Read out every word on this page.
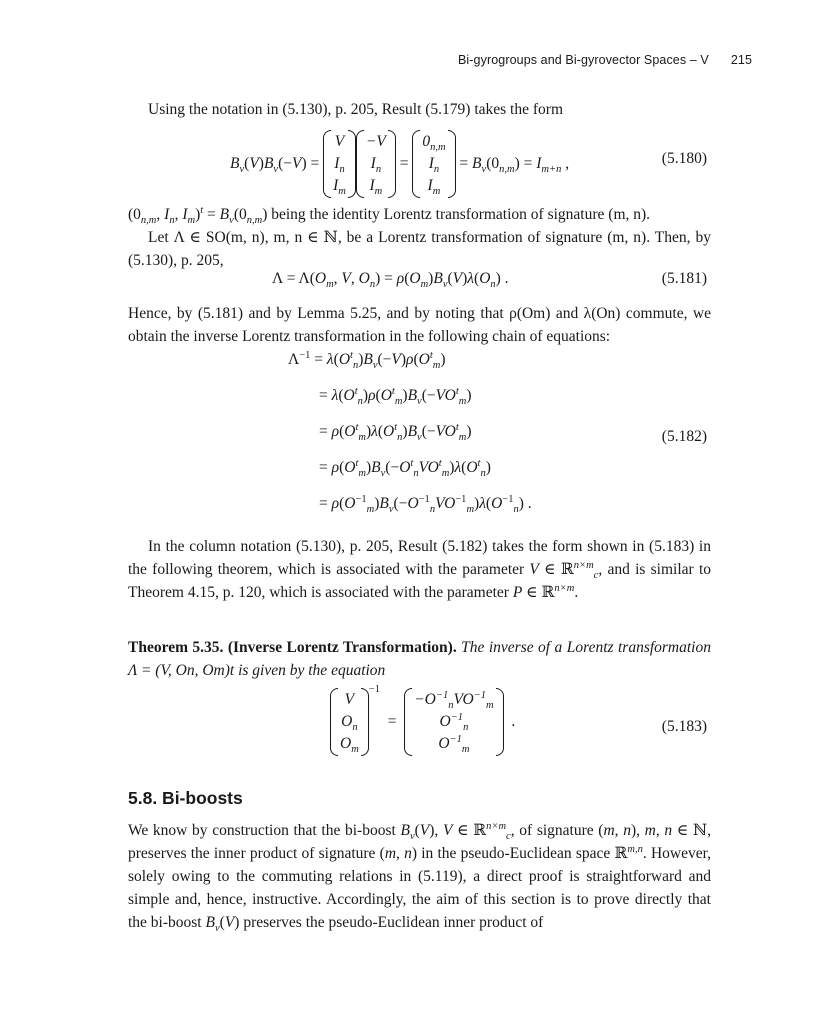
Bi-gyrogroups and Bi-gyrovector Spaces – V 215

Using the notation in (5.130), p. 205, Result (5.179) takes the form

$B_v(V)B_v(-V)$ =
V
$I_n$
$I_m$
−V
$I_n$
$I_m$
=
$0_{n,m}$
$I_n$
$I_m$
= $B_v(0_{n,m}) = I_{m+n}$ ,	(5.180)

($0_{n,m}$, $I_n$, $I_m)^t = B_v(0_{n,m})$ being the identity Lorentz transformation of signature (m, n).

Let Λ ∈ SO(m, n), m, n ∈ ℕ, be a Lorentz transformation of signature (m, n). Then, by (5.130), p. 205,

$\Lambda = \Lambda(O_m$, V, $O_n) = \rho(O_m)B_v(V)\lambda(O_n)$ .	(5.181)

Hence, by (5.181) and by Lemma 5.25, and by noting that ρ(Om) and λ(On) commute, we obtain the inverse Lorentz transformation in the following chain of equations:

$\Lambda^{-1} = \lambda(O^t_n)B_v(-V)\rho(O^t_m)$
= $\lambda(O^t_n)\rho(O^t_m)B_v(-VO^t_m)$
= $\rho(O^t_m)\lambda(O^t_n)B_v(-VO^t_m)$
= $\rho(O^t_m)B_v(-O^t_nVO^t_m)\lambda(O^t_n)$
= $\rho(O^{-1}_m)B_v(-O^{-1}_nVO^{-1}_m)\lambda(O^{-1}_n)$ .
(5.182)

In the column notation (5.130), p. 205, Result (5.182) takes the form shown in (5.183) in the following theorem, which is associated with the parameter V ∈ ℝ$^{n\times m}_c$, and is similar to Theorem 4.15, p. 120, which is associated with the parameter P ∈ ℝ$^{n\times m}$.

Theorem 5.35. (Inverse Lorentz Transformation). The inverse of a Lorentz transformation Λ = (V, On, Om)t is given by the equation

V
$O_n$
$O_m$
−1
=
$-O^{-1}_nVO^{-1}_m$
$O^{-1}_n$
$O^{-1}_m$
.	(5.183)
5.8. Bi-boosts

We know by construction that the bi-boost $B_v(V)$, V ∈ ℝ$^{n\times m}_c$, of signature (m, n), m, n ∈ ℕ, preserves the inner product of signature (m, n) in the pseudo-Euclidean space ℝ$^{m,n}$. However, solely owing to the commuting relations in (5.119), a direct proof is straightforward and simple and, hence, instructive. Accordingly, the aim of this section is to prove directly that the bi-boost $B_v(V)$ preserves the pseudo-Euclidean inner product of
